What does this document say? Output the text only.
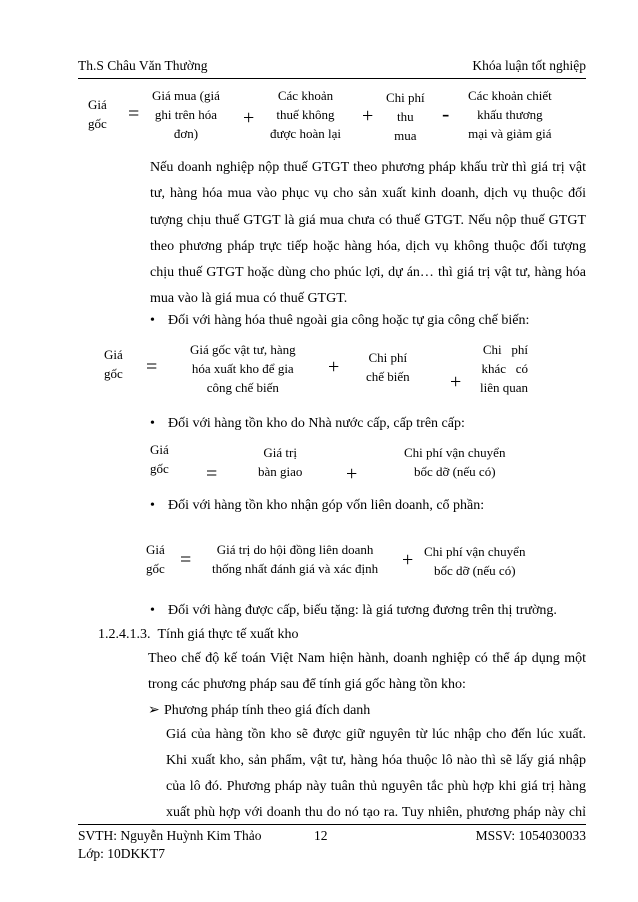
Th.S Châu Văn Thường	Khóa luận tốt nghiệp
Giá
gốc =
Giá mua (giá
ghi trên hóa
đơn)
+
Các khoản
thuế không
được hoàn lại
+
Chi phí
thu
mua
-
Các khoản chiết
khấu thương
mại và giảm giá
Nếu doanh nghiệp nộp thuế GTGT theo phương pháp khấu trừ thì giá trị vật
tư, hàng hóa mua vào phục vụ cho sản xuất kinh doanh, dịch vụ thuộc đối
tượng chịu thuế GTGT là giá mua chưa có thuế GTGT. Nếu nộp thuế GTGT
theo phương pháp trực tiếp hoặc hàng hóa, dịch vụ không thuộc đối tượng
chịu thuế GTGT hoặc dùng cho phúc lợi, dự án… thì giá trị vật tư, hàng hóa
mua vào là giá mua có thuế GTGT.
• Đối với hàng hóa thuê ngoài gia công hoặc tự gia công chế biến:
Giá
gốc =
Giá gốc vật tư, hàng
hóa xuất kho để gia
công chế biến
+ Chi phí
chế biến +
Chi   phí
khác   có
liên quan
• Đối với hàng tồn kho do Nhà nước cấp, cấp trên cấp:
Giá
gốc =
Giá trị
bàn giao +
Chi phí vận chuyển
bốc dỡ (nếu có)
• Đối với hàng tồn kho nhận góp vốn liên doanh, cổ phần:
Giá
gốc =	Giá trị do hội đồng liên doanh
thống nhất đánh giá và xác định + Chi phí vận chuyển
bốc dỡ (nếu có)
• Đối với hàng được cấp, biếu tặng: là giá tương đương trên thị trường.
1.2.4.1.3. Tính giá thực tế xuất kho
Theo chế độ kế toán Việt Nam hiện hành, doanh nghiệp có thể áp dụng một
trong các phương pháp sau để tính giá gốc hàng tồn kho:
➢ Phương pháp tính theo giá đích danh
Giá của hàng tồn kho sẽ được giữ nguyên từ lúc nhập cho đến lúc xuất.
Khi xuất kho, sản phẩm, vật tư, hàng hóa thuộc lô nào thì sẽ lấy giá nhập
của lô đó. Phương pháp này tuân thủ nguyên tắc phù hợp khi giá trị hàng
xuất phù hợp với doanh thu do nó tạo ra. Tuy nhiên, phương pháp này chỉ
SVTH: Nguyễn Huỳnh Kim Thảo	12	MSSV: 1054030033
Lớp: 10DKKT7
